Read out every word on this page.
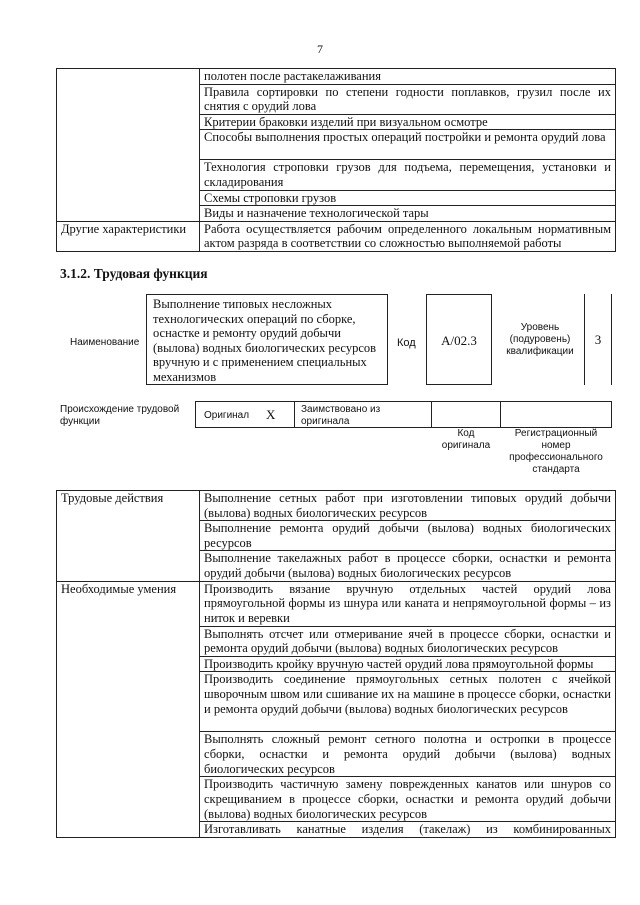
7
	полотен после растакелаживания
	Правила сортировки по степени годности поплавков, грузил после их снятия с орудий лова
	Критерии браковки изделий при визуальном осмотре
	Способы выполнения простых операций постройки и ремонта орудий лова
	Технология строповки грузов для подъема, перемещения, установки и складирования
	Схемы строповки грузов
	Виды и назначение технологической тары
Другие характеристики	Работа осуществляется рабочим определенного локальным нормативным актом разряда в соответствии со сложностью выполняемой работы
3.1.2. Трудовая функция
Наименование
Выполнение типовых несложных технологических операций по сборке, оснастке и ремонту орудий добычи (вылова) водных биологических ресурсов вручную и с применением специальных механизмов
Код	A/02.3
Уровень (подуровень) квалификации
3
Происхождение трудовой функции
Оригинал X	Заимствовано из оригинала
Код оригинала
Регистрационный номер профессионального стандарта
Трудовые действия	Выполнение сетных работ при изготовлении типовых орудий добычи (вылова) водных биологических ресурсов
	Выполнение ремонта орудий добычи (вылова) водных биологических ресурсов
	Выполнение такелажных работ в процессе сборки, оснастки и ремонта орудий добычи (вылова) водных биологических ресурсов
Необходимые умения	Производить вязание вручную отдельных частей орудий лова прямоугольной формы из шнура или каната и непрямоугольной формы – из ниток и веревки
	Выполнять отсчет или отмеривание ячей в процессе сборки, оснастки и ремонта орудий добычи (вылова) водных биологических ресурсов
	Производить кройку вручную частей орудий лова прямоугольной формы
	Производить соединение прямоугольных сетных полотен с ячейкой шворочным швом или сшивание их на машине в процессе сборки, оснастки и ремонта орудий добычи (вылова) водных биологических ресурсов
	Выполнять сложный ремонт сетного полотна и остропки в процессе сборки, оснастки и ремонта орудий добычи (вылова) водных биологических ресурсов
	Производить частичную замену поврежденных канатов или шнуров со скрещиванием в процессе сборки, оснастки и ремонта орудий добычи (вылова) водных биологических ресурсов
	Изготавливать канатные изделия (такелаж) из комбинированных
